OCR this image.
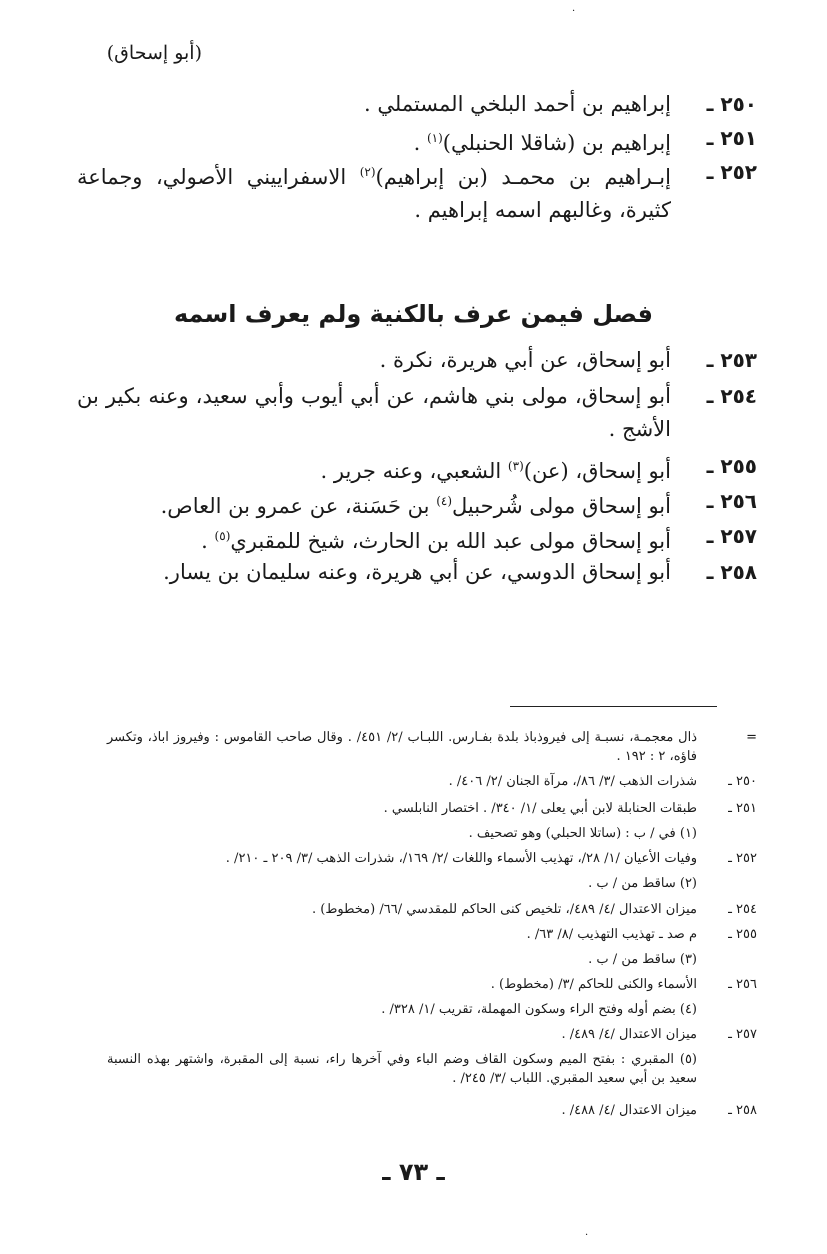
·
(أبو إسحاق)
٢٥٠ ـ
إبراهيم بن أحمد البلخي المستملي .
٢٥١ ـ
إبراهيم بن (شاقلا الحنبلي)$^{(١)}$ .
٢٥٢ ـ
إبـراهيم بن محمـد (بن إبراهيم)$^{(٢)}$ الاسفراييني الأصولي، وجماعة كثيرة، وغالبهم اسمه إبراهيم .
فصل فيمن عرف بالكنية ولم يعرف اسمه
٢٥٣ ـ
أبو إسحاق، عن أبي هريرة، نكرة .
٢٥٤ ـ
أبو إسحاق، مولى بني هاشم، عن أبي أيوب وأبي سعيد، وعنه بكير بن الأشج .
٢٥٥ ـ
أبو إسحاق، (عن)$^{(٣)}$ الشعبي، وعنه جرير .
٢٥٦ ـ
أبو إسحاق مولى شُرحبيل$^{(٤)}$ بن حَسَنة، عن عمرو بن العاص.
٢٥٧ ـ
أبو إسحاق مولى عبد الله بن الحارث، شيخ للمقبري$^{(٥)}$ .
٢٥٨ ـ
أبو إسحاق الدوسي، عن أبي هريرة، وعنه سليمان بن يسار.
=
ذال معجمـة، نسبـة إلى فيروذباذ بلدة بفـارس. اللبـاب /٢/ ٤٥١/ . وقال صاحب القاموس : وفيروز اباذ، وتكسر فاؤه، ٢ : ١٩٢ .
٢٥٠ ـ
شذرات الذهب /٣/ ٨٦/، مرآة الجنان /٢/ ٤٠٦/ .
٢٥١ ـ
طبقات الحنابلة لابن أبي يعلى /١/ ٣٤٠/ . اختصار النابلسي .
(١) في / ب : (ساتلا الحبلي) وهو تصحيف .
٢٥٢ ـ
وفيات الأعيان /١/ ٢٨/، تهذيب الأسماء واللغات /٢/ ١٦٩/، شذرات الذهب /٣/ ٢٠٩ ـ ٢١٠/ .
(٢) ساقط من / ب .
٢٥٤ ـ
ميزان الاعتدال /٤/ ٤٨٩/، تلخيص كنى الحاكم للمقدسي /٦٦/ (مخطوط) .
٢٥٥ ـ
م صد ـ تهذيب التهذيب /٨/ ٦٣/ .
(٣) ساقط من / ب .
٢٥٦ ـ
الأسماء والكنى للحاكم /٣/ (مخطوط) .
(٤) بضم أوله وفتح الراء وسكون المهملة، تقريب /١/ ٣٢٨/ .
٢٥٧ ـ
ميزان الاعتدال /٤/ ٤٨٩/ .
(٥) المقبري : بفتح الميم وسكون القاف وضم الباء وفي آخرها راء، نسبة إلى المقبرة، واشتهر بهذه النسبة سعيد بن أبي سعيد المقبري. اللباب /٣/ ٢٤٥/ .
٢٥٨ ـ
ميزان الاعتدال /٤/ ٤٨٨/ .
ـ ٧٣ ـ
·
